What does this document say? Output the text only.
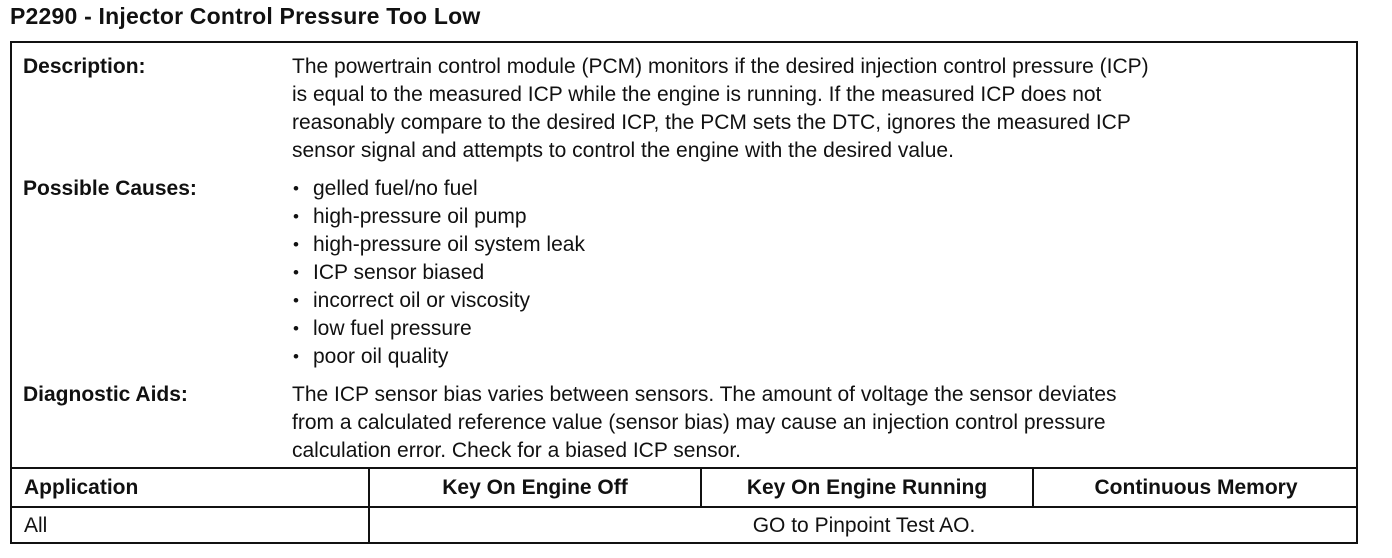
P2290 - Injector Control Pressure Too Low
Description:	The powertrain control module (PCM) monitors if the desired injection control pressure (ICP)
is equal to the measured ICP while the engine is running. If the measured ICP does not
reasonably compare to the desired ICP, the PCM sets the DTC, ignores the measured ICP
sensor signal and attempts to control the engine with the desired value.
Possible Causes:
•	gelled fuel/no fuel
• high-pressure oil pump
• high-pressure oil system leak
• ICP sensor biased
• incorrect oil or viscosity
• low fuel pressure
• poor oil quality
Diagnostic Aids:	The ICP sensor bias varies between sensors. The amount of voltage the sensor deviates
from a calculated reference value (sensor bias) may cause an injection control pressure
calculation error. Check for a biased ICP sensor.
Application	Key On Engine Off	Key On Engine Running	Continuous Memory
All	GO to Pinpoint Test AO.
